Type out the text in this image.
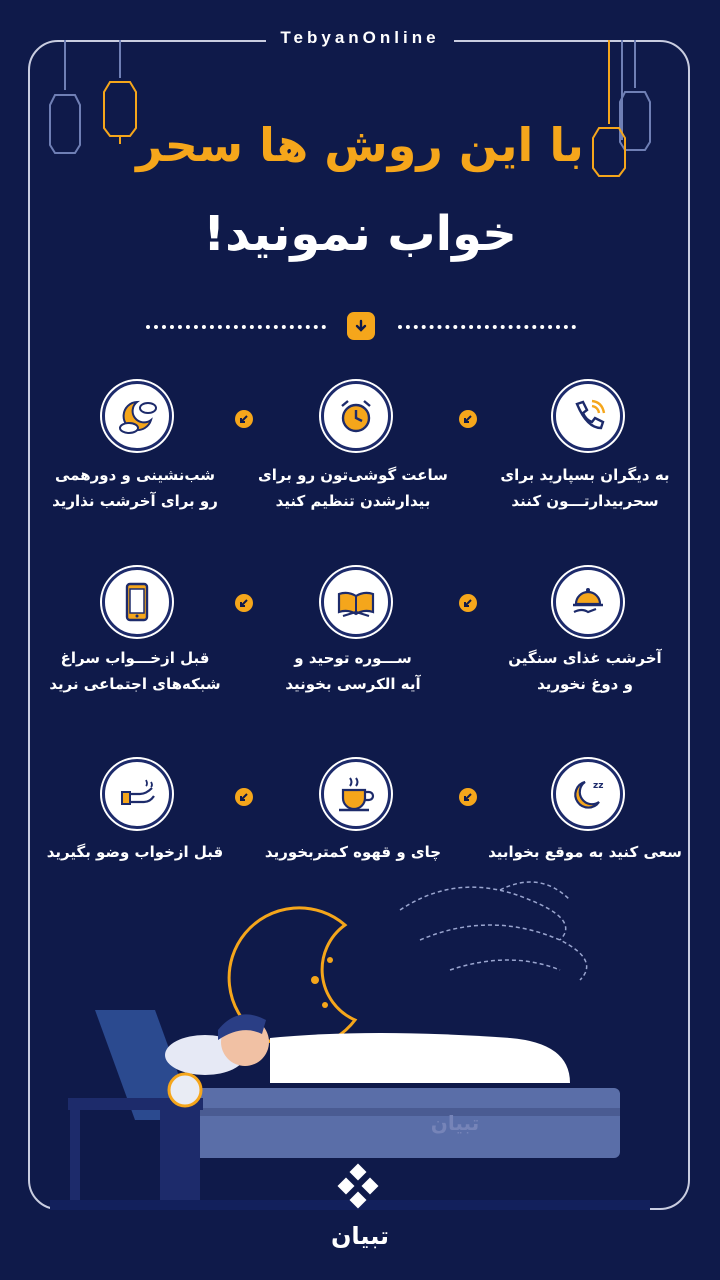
TebyanOnline
با این روش ها سحر
خواب نمونید!
به دیگران بسپارید برای
سحربیدارتـــون کنند
ساعت گوشی‌تون رو برای
بیدارشدن تنظیم کنید
شب‌نشینی و دورهمی
رو برای آخرشب نذارید
آخرشب غذای سنگین
و دوغ نخورید
ســـوره توحید و
آیه الکرسی بخونید
قبل ازخـــواب سراغ
شبکه‌های اجتماعی نرید
zz
سعی کنید به موقع بخوابید
چای و قهوه کمتربخورید
قبل ازخواب وضو بگیرید
تبیان
تبیان
